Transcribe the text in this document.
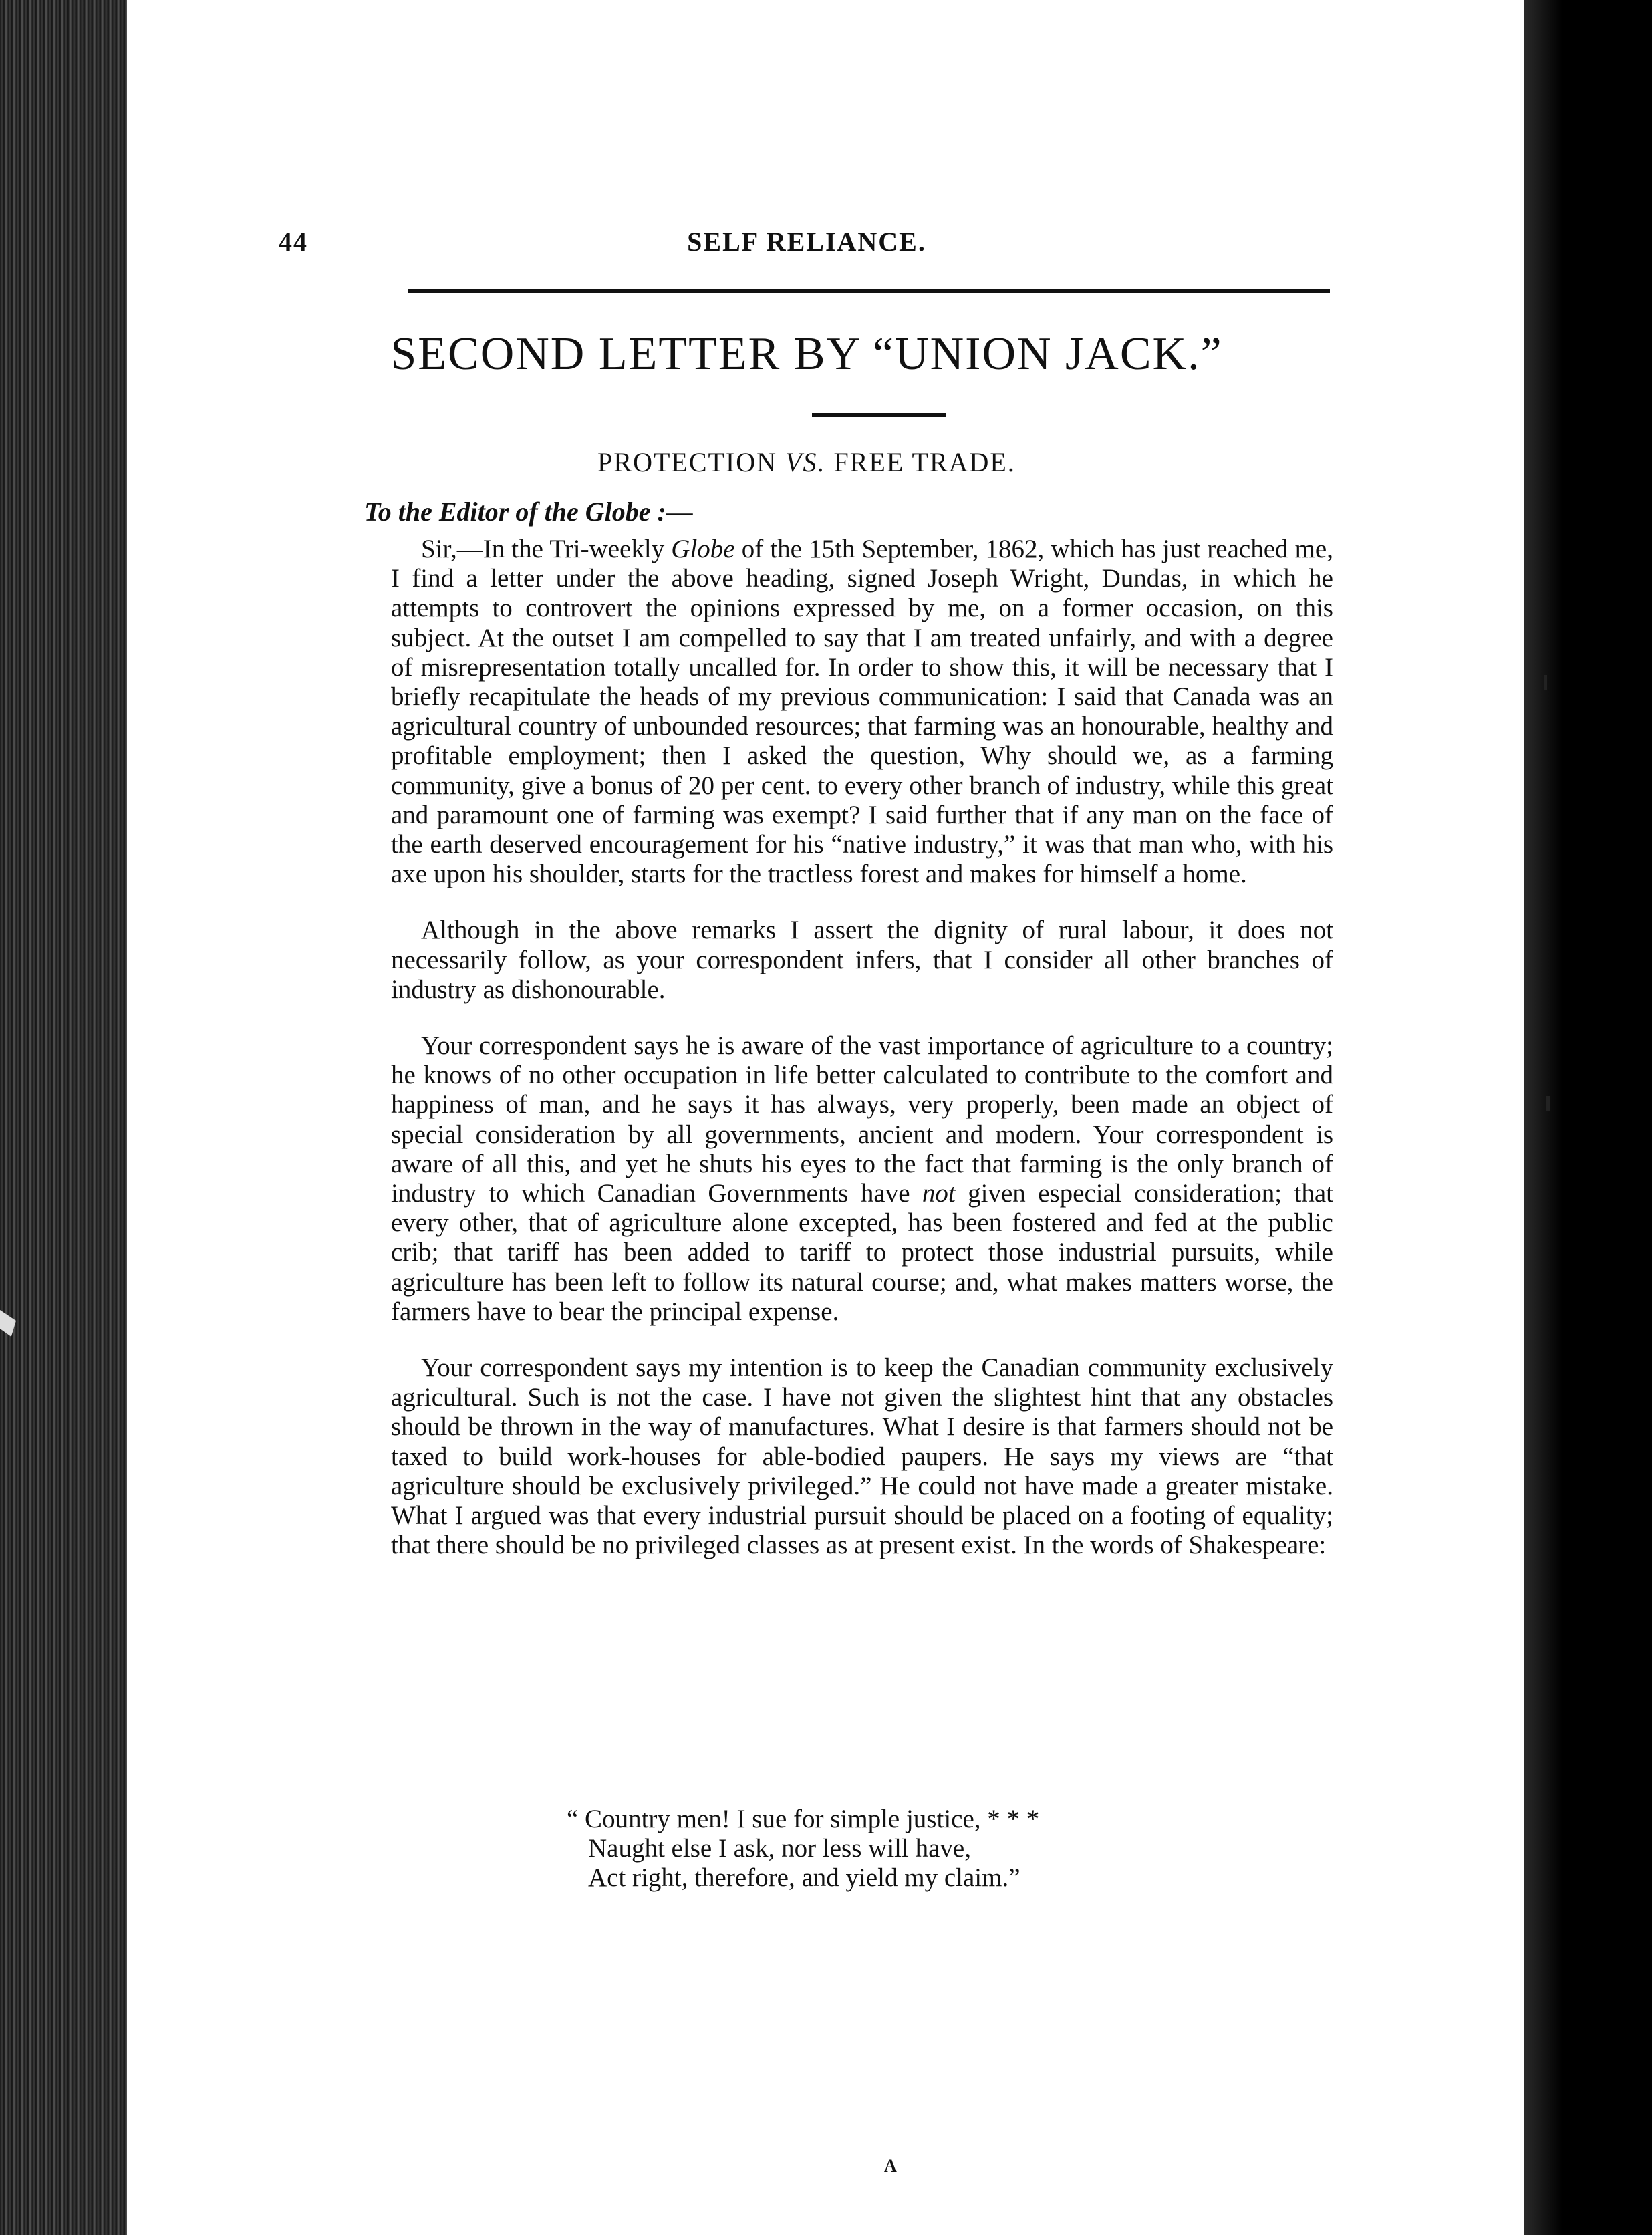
44	SELF RELIANCE.
SECOND LETTER BY “UNION JACK.”
PROTECTION VS. FREE TRADE.
To the Editor of the Globe :—

Sir,—In the Tri-weekly Globe of the 15th September, 1862, which has just reached me, I find a letter under the above heading, signed Joseph Wright, Dundas, in which he attempts to controvert the opinions expressed by me, on a former occasion, on this subject. At the outset I am compelled to say that I am treated unfairly, and with a degree of misrepresentation totally uncalled for. In order to show this, it will be necessary that I briefly recapitulate the heads of my previous communication: I said that Canada was an agricultural country of unbounded resources; that farming was an honourable, healthy and profitable employment; then I asked the question, Why should we, as a farming community, give a bonus of 20 per cent. to every other branch of industry, while this great and paramount one of farming was exempt? I said further that if any man on the face of the earth deserved encouragement for his “native industry,” it was that man who, with his axe upon his shoulder, starts for the tractless forest and makes for himself a home.

Although in the above remarks I assert the dignity of rural labour, it does not necessarily follow, as your correspondent infers, that I consider all other branches of industry as dishonourable.

Your correspondent says he is aware of the vast importance of agriculture to a country; he knows of no other occupation in life better calculated to contribute to the comfort and happiness of man, and he says it has always, very properly, been made an object of special consideration by all governments, ancient and modern. Your correspondent is aware of all this, and yet he shuts his eyes to the fact that farming is the only branch of industry to which Canadian Governments have not given especial consideration; that every other, that of agriculture alone excepted, has been fostered and fed at the public crib; that tariff has been added to tariff to protect those industrial pursuits, while agriculture has been left to follow its natural course; and, what makes matters worse, the farmers have to bear the principal expense.

Your correspondent says my intention is to keep the Canadian community exclusively agricultural. Such is not the case. I have not given the slightest hint that any obstacles should be thrown in the way of manufactures. What I desire is that farmers should not be taxed to build work-houses for able-bodied paupers. He says my views are “that agriculture should be exclusively privileged.” He could not have made a greater mistake. What I argued was that every industrial pursuit should be placed on a footing of equality; that there should be no privileged classes as at present exist. In the words of Shakespeare:

“ Country men! I sue for simple justice, * * *
Naught else I ask, nor less will have,
Act right, therefore, and yield my claim.”
A
